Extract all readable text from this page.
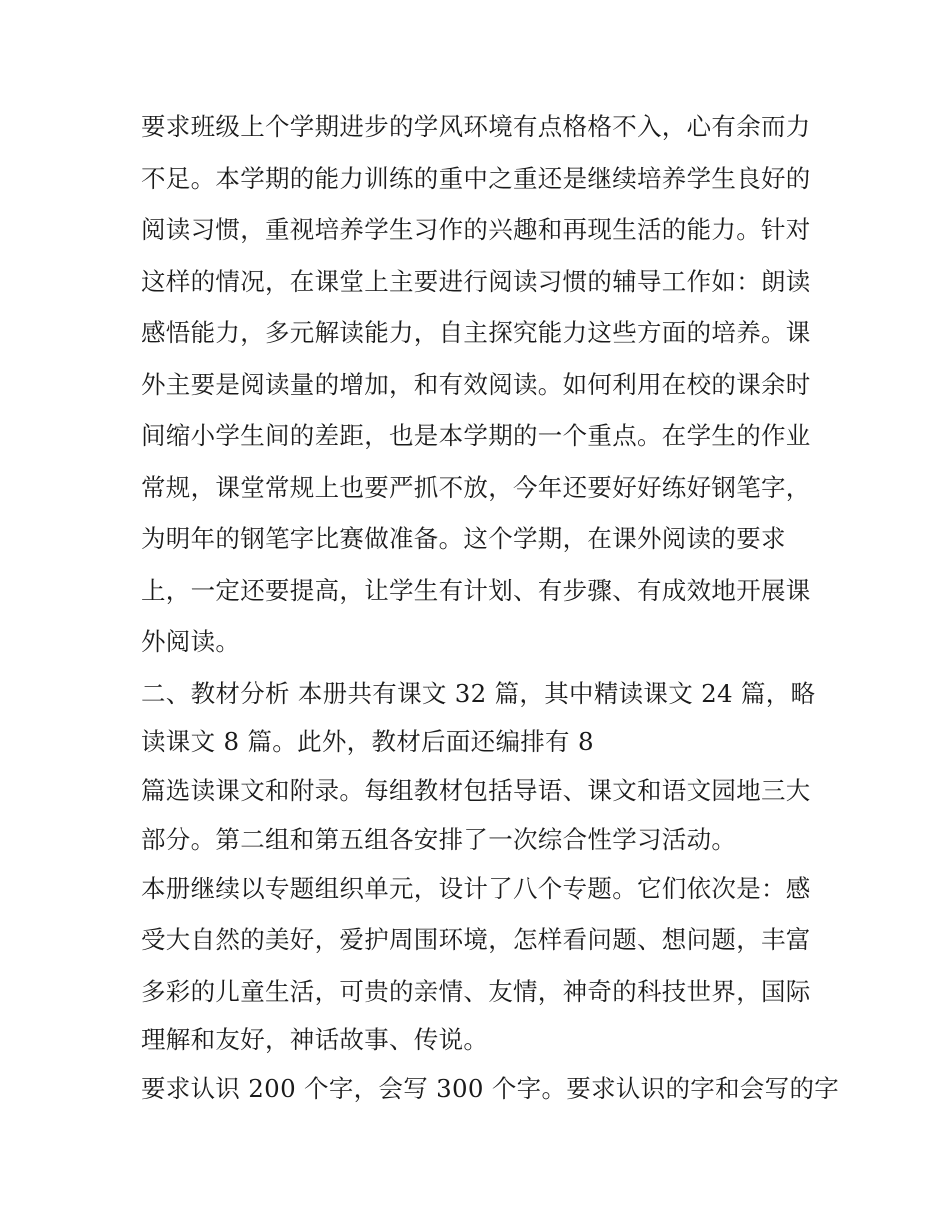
要求班级上个学期进步的学风环境有点格格不入，心有余而力
不足。本学期的能力训练的重中之重还是继续培养学生良好的
阅读习惯，重视培养学生习作的兴趣和再现生活的能力。针对
这样的情况，在课堂上主要进行阅读习惯的辅导工作如：朗读
感悟能力，多元解读能力，自主探究能力这些方面的培养。课
外主要是阅读量的增加，和有效阅读。如何利用在校的课余时
间缩小学生间的差距，也是本学期的一个重点。在学生的作业
常规，课堂常规上也要严抓不放，今年还要好好练好钢笔字，
为明年的钢笔字比赛做准备。这个学期，在课外阅读的要求
上，一定还要提高，让学生有计划、有步骤、有成效地开展课
外阅读。
二、教材分析 本册共有课文 32 篇，其中精读课文 24 篇，略
读课文 8 篇。此外，教材后面还编排有 8
篇选读课文和附录。每组教材包括导语、课文和语文园地三大
部分。第二组和第五组各安排了一次综合性学习活动。
本册继续以专题组织单元，设计了八个专题。它们依次是：感
受大自然的美好，爱护周围环境，怎样看问题、想问题，丰富
多彩的儿童生活，可贵的亲情、友情，神奇的科技世界，国际
理解和友好，神话故事、传说。
要求认识 200 个字，会写 300 个字。要求认识的字和会写的字
